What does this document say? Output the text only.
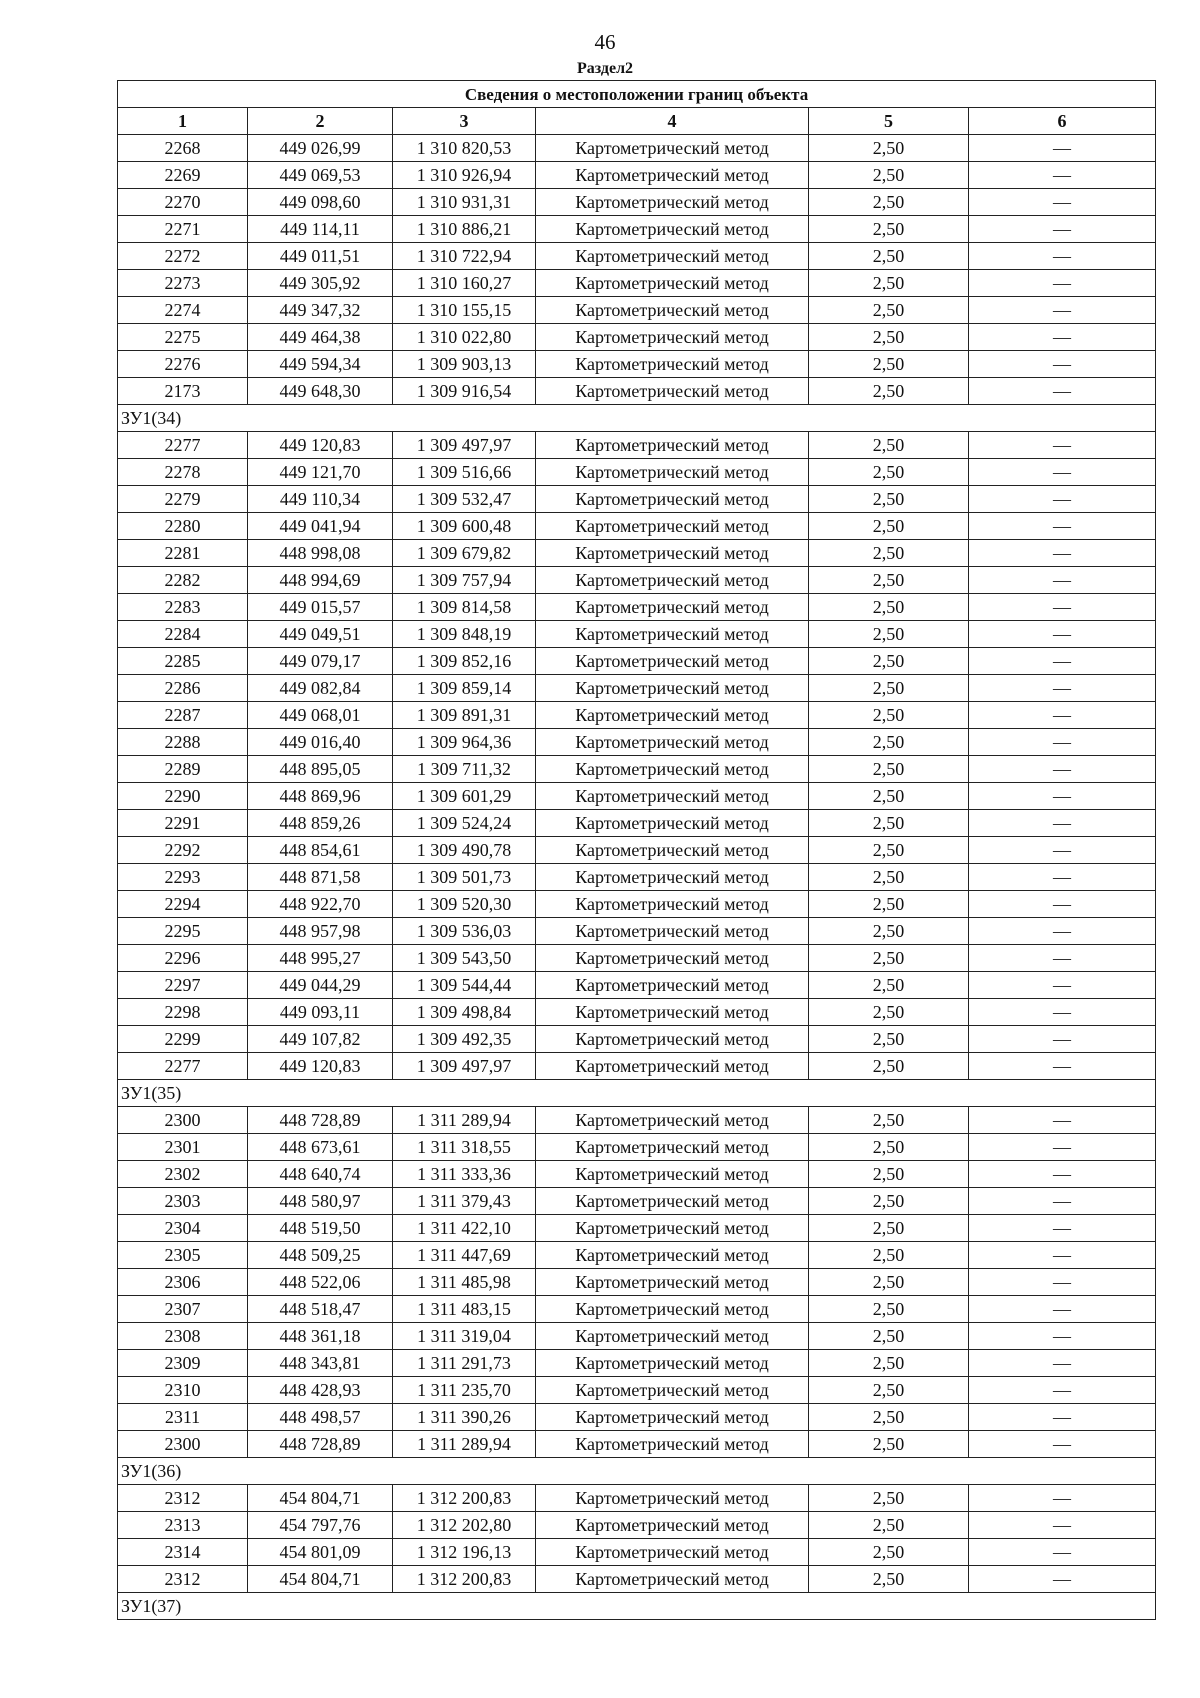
46
Раздел2
Сведения о местоположении границ объекта					
1	2	3	4	5	6
2268	449 026,99	1 310 820,53	Картометрический метод	2,50	—
2269	449 069,53	1 310 926,94	Картометрический метод	2,50	—
2270	449 098,60	1 310 931,31	Картометрический метод	2,50	—
2271	449 114,11	1 310 886,21	Картометрический метод	2,50	—
2272	449 011,51	1 310 722,94	Картометрический метод	2,50	—
2273	449 305,92	1 310 160,27	Картометрический метод	2,50	—
2274	449 347,32	1 310 155,15	Картометрический метод	2,50	—
2275	449 464,38	1 310 022,80	Картометрический метод	2,50	—
2276	449 594,34	1 309 903,13	Картометрический метод	2,50	—
2173	449 648,30	1 309 916,54	Картометрический метод	2,50	—
ЗУ1(34)					
2277	449 120,83	1 309 497,97	Картометрический метод	2,50	—
2278	449 121,70	1 309 516,66	Картометрический метод	2,50	—
2279	449 110,34	1 309 532,47	Картометрический метод	2,50	—
2280	449 041,94	1 309 600,48	Картометрический метод	2,50	—
2281	448 998,08	1 309 679,82	Картометрический метод	2,50	—
2282	448 994,69	1 309 757,94	Картометрический метод	2,50	—
2283	449 015,57	1 309 814,58	Картометрический метод	2,50	—
2284	449 049,51	1 309 848,19	Картометрический метод	2,50	—
2285	449 079,17	1 309 852,16	Картометрический метод	2,50	—
2286	449 082,84	1 309 859,14	Картометрический метод	2,50	—
2287	449 068,01	1 309 891,31	Картометрический метод	2,50	—
2288	449 016,40	1 309 964,36	Картометрический метод	2,50	—
2289	448 895,05	1 309 711,32	Картометрический метод	2,50	—
2290	448 869,96	1 309 601,29	Картометрический метод	2,50	—
2291	448 859,26	1 309 524,24	Картометрический метод	2,50	—
2292	448 854,61	1 309 490,78	Картометрический метод	2,50	—
2293	448 871,58	1 309 501,73	Картометрический метод	2,50	—
2294	448 922,70	1 309 520,30	Картометрический метод	2,50	—
2295	448 957,98	1 309 536,03	Картометрический метод	2,50	—
2296	448 995,27	1 309 543,50	Картометрический метод	2,50	—
2297	449 044,29	1 309 544,44	Картометрический метод	2,50	—
2298	449 093,11	1 309 498,84	Картометрический метод	2,50	—
2299	449 107,82	1 309 492,35	Картометрический метод	2,50	—
2277	449 120,83	1 309 497,97	Картометрический метод	2,50	—
ЗУ1(35)					
2300	448 728,89	1 311 289,94	Картометрический метод	2,50	—
2301	448 673,61	1 311 318,55	Картометрический метод	2,50	—
2302	448 640,74	1 311 333,36	Картометрический метод	2,50	—
2303	448 580,97	1 311 379,43	Картометрический метод	2,50	—
2304	448 519,50	1 311 422,10	Картометрический метод	2,50	—
2305	448 509,25	1 311 447,69	Картометрический метод	2,50	—
2306	448 522,06	1 311 485,98	Картометрический метод	2,50	—
2307	448 518,47	1 311 483,15	Картометрический метод	2,50	—
2308	448 361,18	1 311 319,04	Картометрический метод	2,50	—
2309	448 343,81	1 311 291,73	Картометрический метод	2,50	—
2310	448 428,93	1 311 235,70	Картометрический метод	2,50	—
2311	448 498,57	1 311 390,26	Картометрический метод	2,50	—
2300	448 728,89	1 311 289,94	Картометрический метод	2,50	—
ЗУ1(36)					
2312	454 804,71	1 312 200,83	Картометрический метод	2,50	—
2313	454 797,76	1 312 202,80	Картометрический метод	2,50	—
2314	454 801,09	1 312 196,13	Картометрический метод	2,50	—
2312	454 804,71	1 312 200,83	Картометрический метод	2,50	—
ЗУ1(37)					
